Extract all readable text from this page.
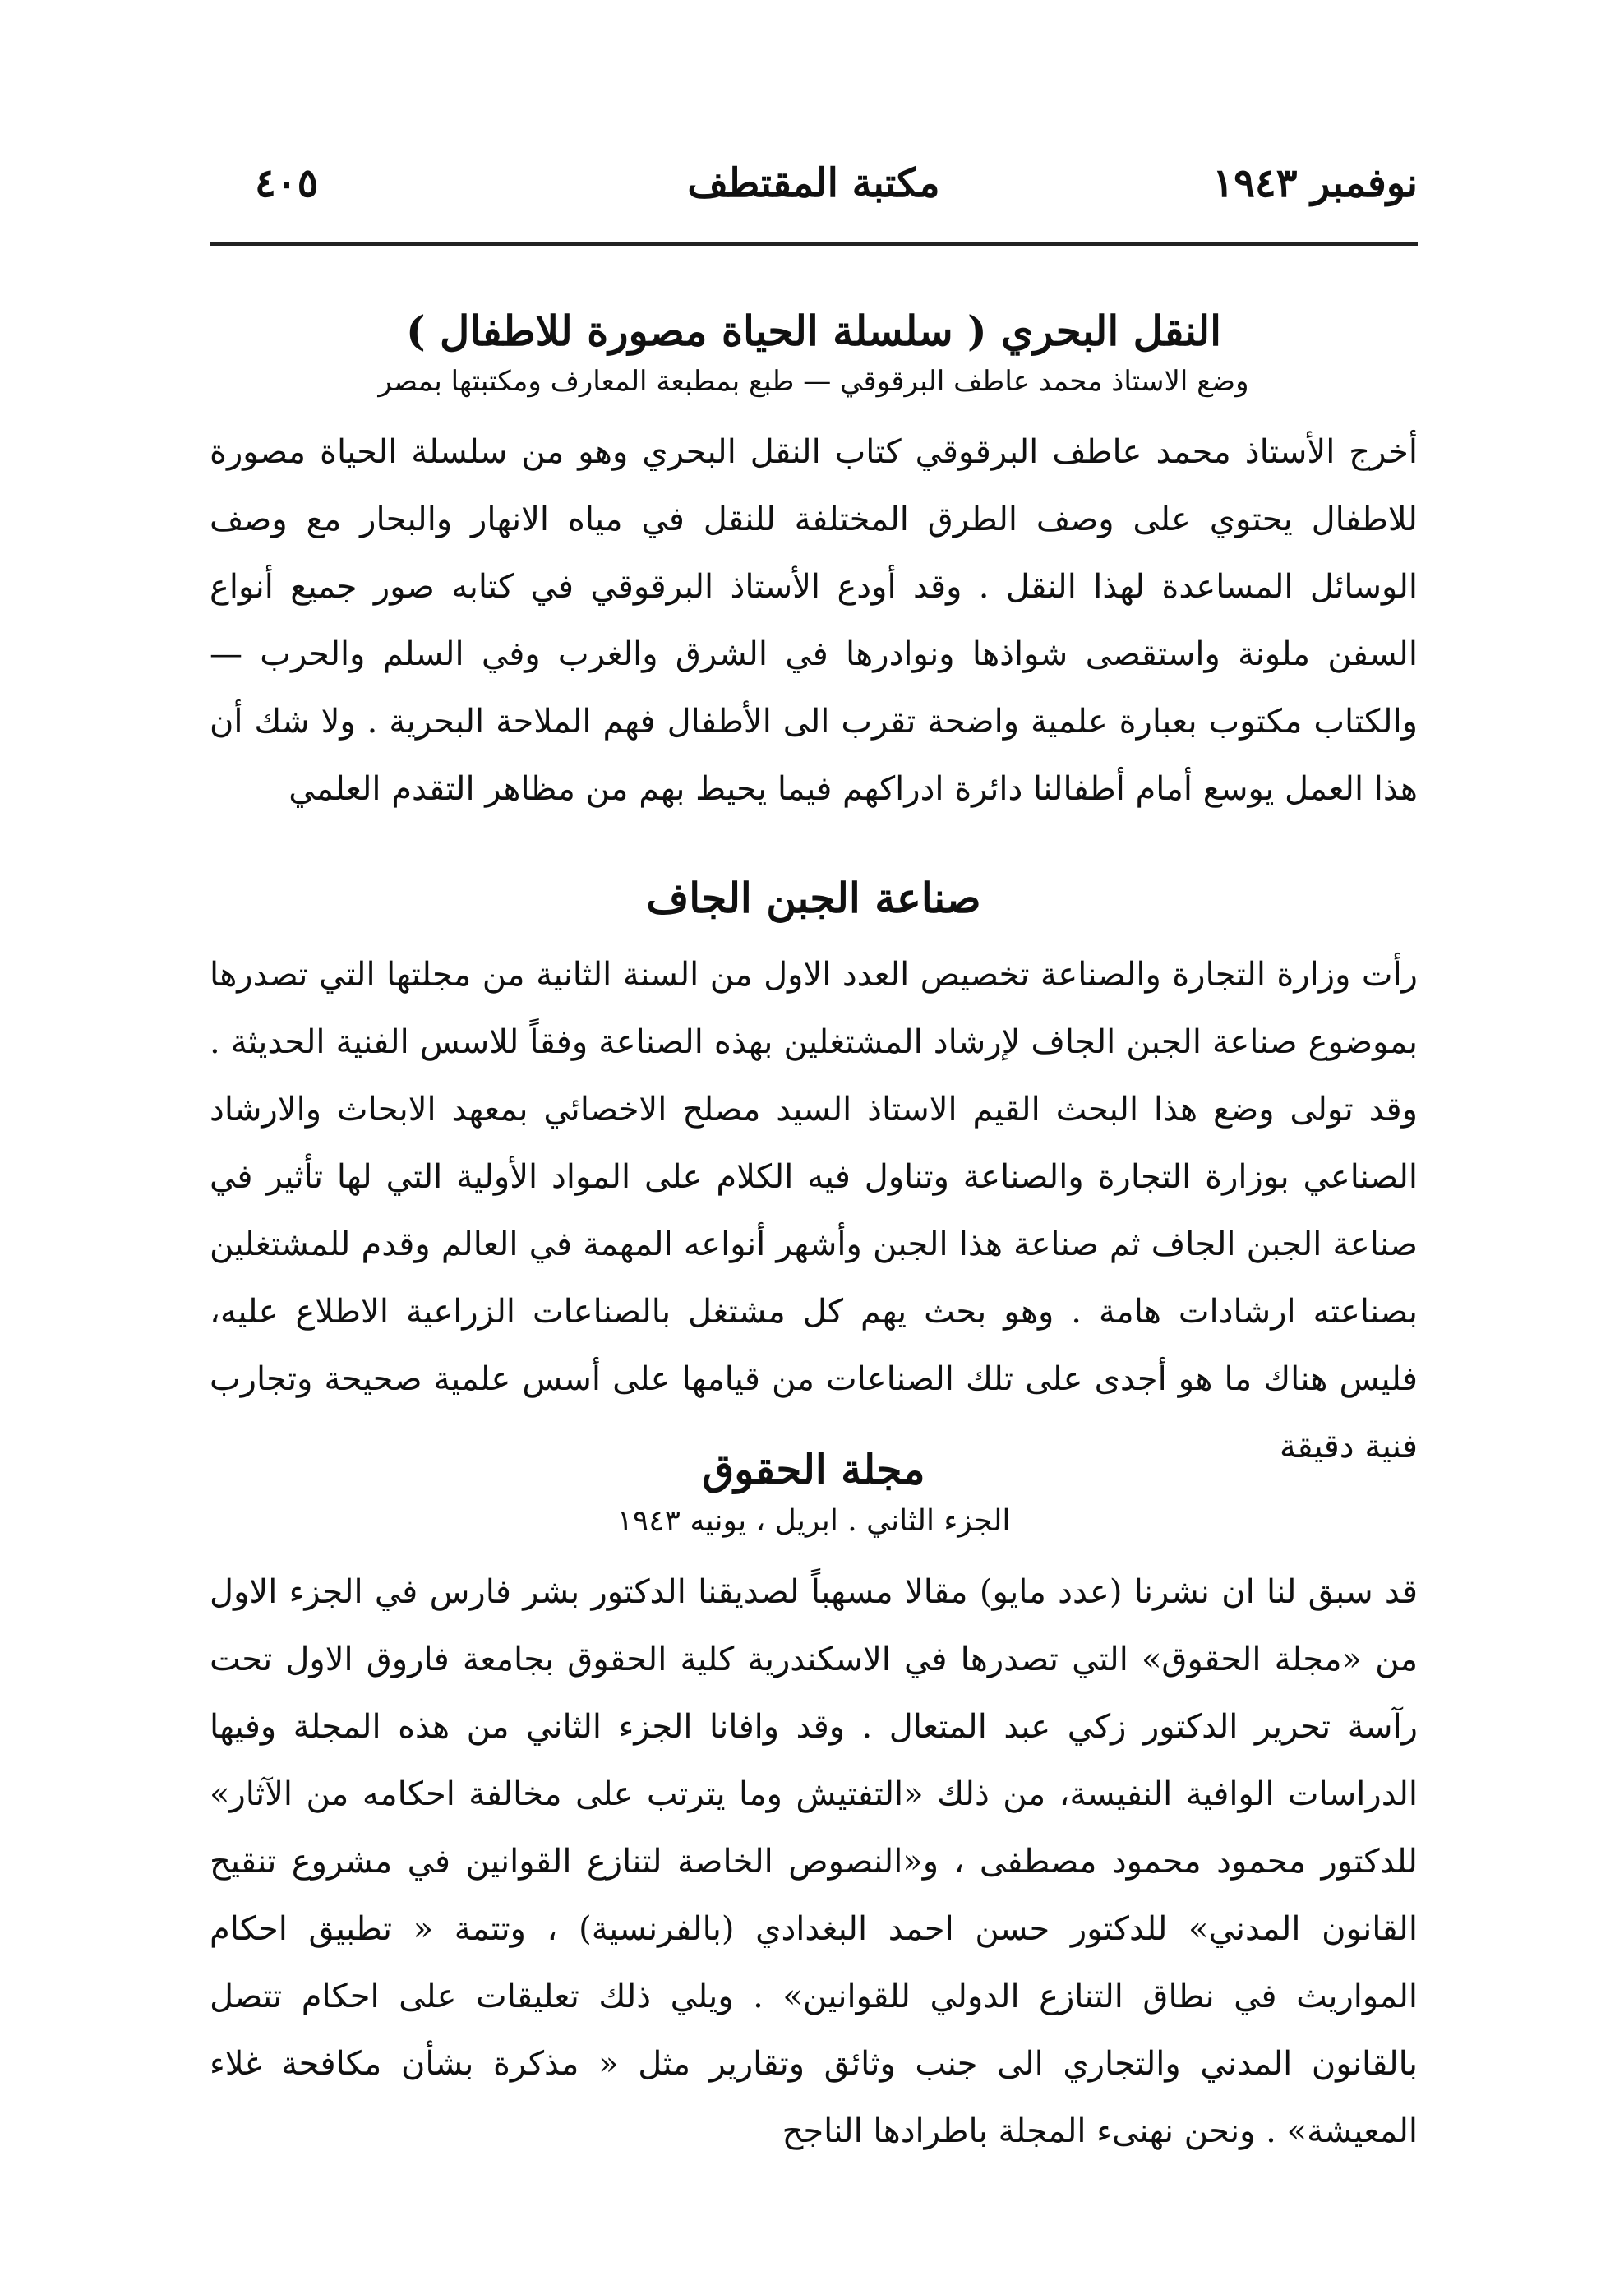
نوفمبر ١٩٤٣
مكتبة المقتطف
٤٠٥
النقل البحري ( سلسلة الحياة مصورة للاطفال )
وضع الاستاذ محمد عاطف البرقوقي — طبع بمطبعة المعارف ومكتبتها بمصر

أخرج الأستاذ محمد عاطف البرقوقي كتاب النقل البحري وهو من سلسلة الحياة مصورة للاطفال يحتوي على وصف الطرق المختلفة للنقل في مياه الانهار والبحار مع وصف الوسائل المساعدة لهذا النقل . وقد أودع الأستاذ البرقوقي في كتابه صور جميع أنواع السفن ملونة واستقصى شواذها ونوادرها في الشرق والغرب وفي السلم والحرب — والكتاب مكتوب بعبارة علمية واضحة تقرب الى الأطفال فهم الملاحة البحرية . ولا شك أن هذا العمل يوسع أمام أطفالنا دائرة ادراكهم فيما يحيط بهم من مظاهر التقدم العلمي

صناعة الجبن الجاف

رأت وزارة التجارة والصناعة تخصيص العدد الاول من السنة الثانية من مجلتها التي تصدرها بموضوع صناعة الجبن الجاف لإرشاد المشتغلين بهذه الصناعة وفقاً للاسس الفنية الحديثة . وقد تولى وضع هذا البحث القيم الاستاذ السيد مصلح الاخصائي بمعهد الابحاث والارشاد الصناعي بوزارة التجارة والصناعة وتناول فيه الكلام على المواد الأولية التي لها تأثير في صناعة الجبن الجاف ثم صناعة هذا الجبن وأشهر أنواعه المهمة في العالم وقدم للمشتغلين بصناعته ارشادات هامة . وهو بحث يهم كل مشتغل بالصناعات الزراعية الاطلاع عليه، فليس هناك ما هو أجدى على تلك الصناعات من قيامها على أسس علمية صحيحة وتجارب فنية دقيقة

مجلة الحقوق
الجزء الثاني . ابريل ، يونيه ١٩٤٣

قد سبق لنا ان نشرنا (عدد مايو) مقالا مسهباً لصديقنا الدكتور بشر فارس في الجزء الاول من «مجلة الحقوق» التي تصدرها في الاسكندرية كلية الحقوق بجامعة فاروق الاول تحت رآسة تحرير الدكتور زكي عبد المتعال . وقد وافانا الجزء الثاني من هذه المجلة وفيها الدراسات الوافية النفيسة، من ذلك «التفتيش وما يترتب على مخالفة احكامه من الآثار» للدكتور محمود محمود مصطفى ، و«النصوص الخاصة لتنازع القوانين في مشروع تنقيح القانون المدني» للدكتور حسن احمد البغدادي (بالفرنسية) ، وتتمة « تطبيق احكام المواريث في نطاق التنازع الدولي للقوانين» . ويلي ذلك تعليقات على احكام تتصل بالقانون المدني والتجاري الى جنب وثائق وتقارير مثل « مذكرة بشأن مكافحة غلاء المعيشة» . ونحن نهنىء المجلة باطرادها الناجح
